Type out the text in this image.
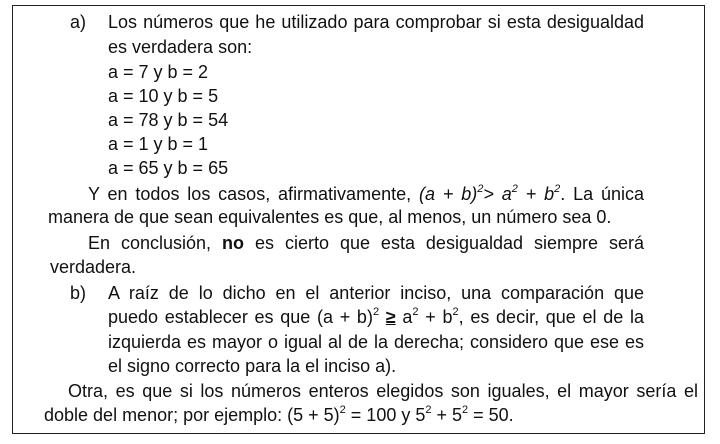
a) Los números que he utilizado para comprobar si esta desigualdad
es verdadera son:
a = 7 y b = 2
a = 10 y b = 5
a = 78 y b = 54
a = 1 y b = 1
a = 65 y b = 65
Y en todos los casos, afirmativamente, $(a + b)^2> a^2 + b^2$. La única
manera de que sean equivalentes es que, al menos, un número sea 0.
En conclusión, no es cierto que esta desigualdad siempre será
verdadera.
b) A raíz de lo dicho en el anterior inciso, una comparación que
puedo establecer es que $(a + b)^2 \ge a^2 + b^2$, es decir, que el de la
izquierda es mayor o igual al de la derecha; considero que ese es
el signo correcto para la el inciso a).
Otra, es que si los números enteros elegidos son iguales, el mayor sería el
doble del menor; por ejemplo: $(5 + 5)^2 = 100$ y $5^2 + 5^2 = 50$.
